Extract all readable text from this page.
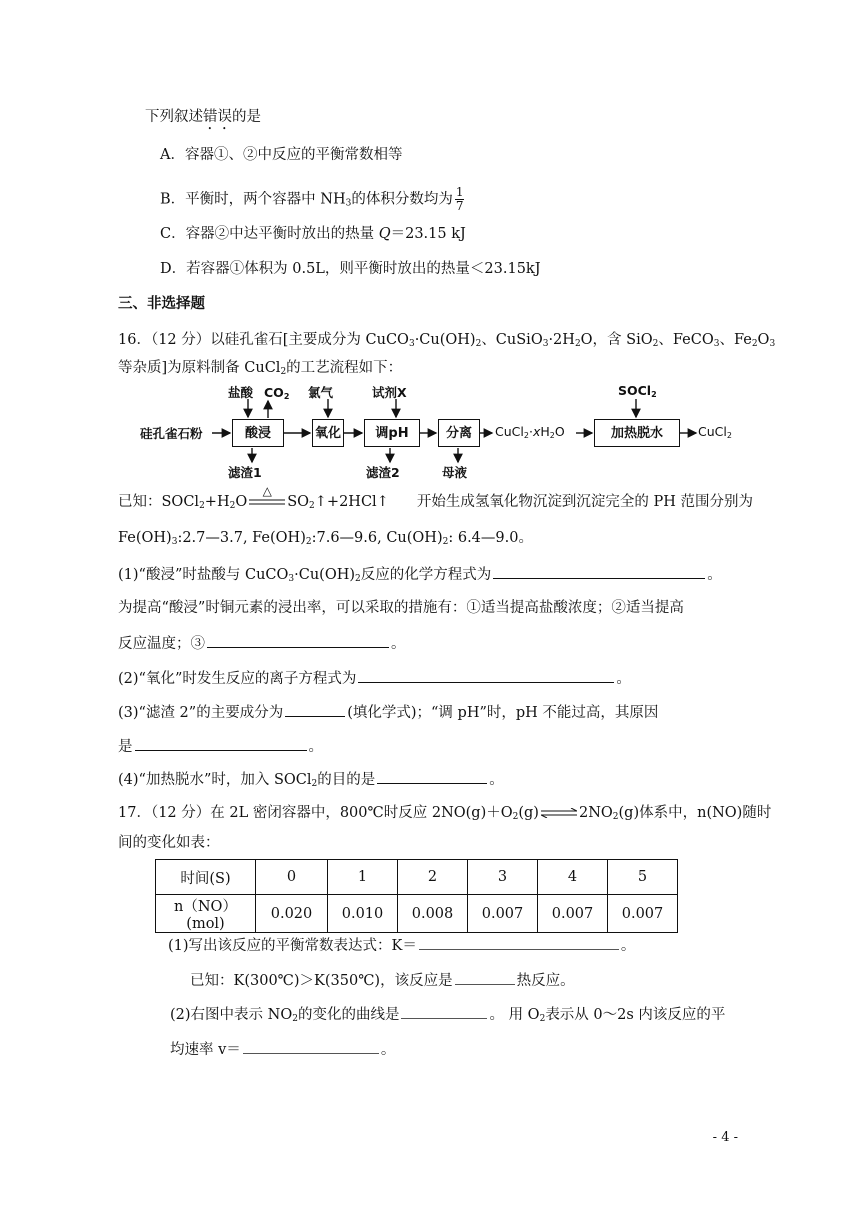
下列叙述错误的是
A．容器①、②中反应的平衡常数相等
B．平衡时，两个容器中 $NH_3$的体积分数均为 $\frac{1}{7}$
C．容器②中达平衡时放出的热量 Q＝23.15 kJ
D．若容器①体积为 0.5L，则平衡时放出的热量＜23.15kJ
三、非选择题
16．（12 分）以硅孔雀石[主要成分为 $CuCO_3\cdot Cu(OH)_2$、$CuSiO_3\cdot 2H_2O$，含 SiO$_2$、FeCO$_3$、$Fe_2O_3$
等杂质]为原料制备 CuCl$_2$的工艺流程如下：
硅孔雀石粉	酸浸	氧化	调pH	分离	加热脱水
盐酸 $CO_2$ 氯气	试剂X	SOCl$_2$
滤渣1	滤渣2	母液
$CuCl_2\cdot xH_2O$	CuCl$_2$
已知：$SOCl_2+H_2O$
△
$SO_2↑+2HCl↑$ 开始生成氢氧化物沉淀到沉淀完全的 PH 范围分别为
$Fe(OH)_3:2.7—3.7$, $Fe(OH)_2:7.6—9.6$, $Cu(OH)_2$: 6.4—9.0。
(1)“酸浸”时盐酸与 $CuCO_3\cdot Cu(OH)_2$反应的化学方程式为	。
为提高“酸浸”时铜元素的浸出率，可以采取的措施有：①适当提高盐酸浓度；②适当提高
反应温度；③	。
(2)“氧化”时发生反应的离子方程式为	。
(3)“滤渣 2”的主要成分为	(填化学式)；“调 pH”时，pH 不能过高，其原因
是	。
(4)“加热脱水”时，加入 SOCl$_2$的目的是	。
17．（12 分）在 2L 密闭容器中，800℃时反应 $2NO(g)+O_2(g)$ ⇌ $2NO_2(g)$体系中，n(NO)随时
间的变化如表：
时间(S)	0	1	2	3	4	5
n（NO）(mol)	0.020	0.010	0.008	0.007	0.007	0.007
(1)写出该反应的平衡常数表达式：K＝	。
已知：K(300℃)＞K(350℃)，该反应是	热反应。
(2)右图中表示 $NO_2$的变化的曲线是	。 用 $O_2$表示从 0～2s 内该反应的平
均速率 v＝	。
- 4 -
